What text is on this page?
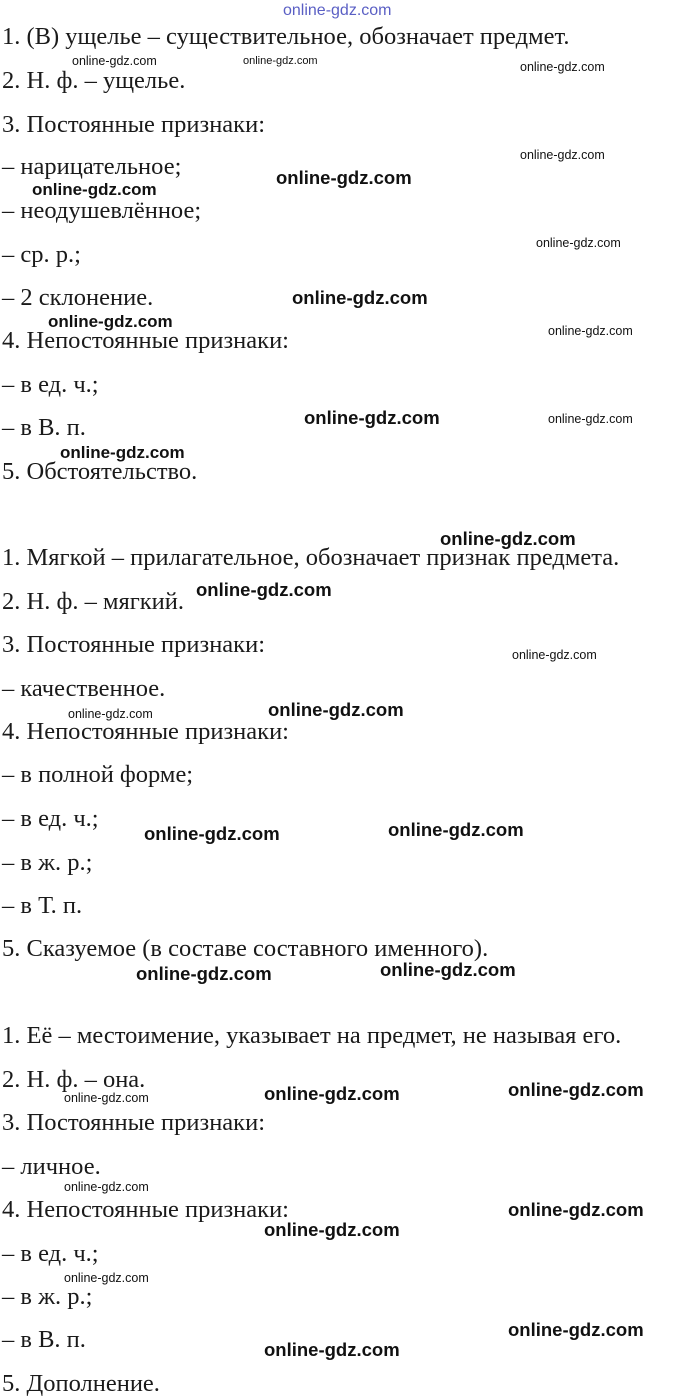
online-gdz.com
1. (В) ущелье – существительное, обозначает предмет.
2. Н. ф. – ущелье.
3. Постоянные признаки:
– нарицательное;
– неодушевлённое;
– ср. р.;
– 2 склонение.
4. Непостоянные признаки:
– в ед. ч.;
– в В. п.
5. Обстоятельство.
1. Мягкой – прилагательное, обозначает признак предмета.
2. Н. ф. – мягкий.
3. Постоянные признаки:
– качественное.
4. Непостоянные признаки:
– в полной форме;
– в ед. ч.;
– в ж. р.;
– в Т. п.
5. Сказуемое (в составе составного именного).
1. Её – местоимение, указывает на предмет, не называя его.
2. Н. ф. – она.
3. Постоянные признаки:
– личное.
4. Непостоянные признаки:
– в ед. ч.;
– в ж. р.;
– в В. п.
5. Дополнение.
online-gdz.com	online-gdz.com	online-gdz.com
online-gdz.com
online-gdz.com
online-gdz.com
online-gdz.com
online-gdz.com
online-gdz.com	online-gdz.com
online-gdz.com	online-gdz.com
online-gdz.com
online-gdz.com
online-gdz.com
online-gdz.com
online-gdz.com
online-gdz.com
online-gdz.com
online-gdz.com
online-gdz.com
online-gdz.com
online-gdz.com
online-gdz.com
online-gdz.com
online-gdz.com
online-gdz.com
online-gdz.com
online-gdz.com
online-gdz.com
online-gdz.com
